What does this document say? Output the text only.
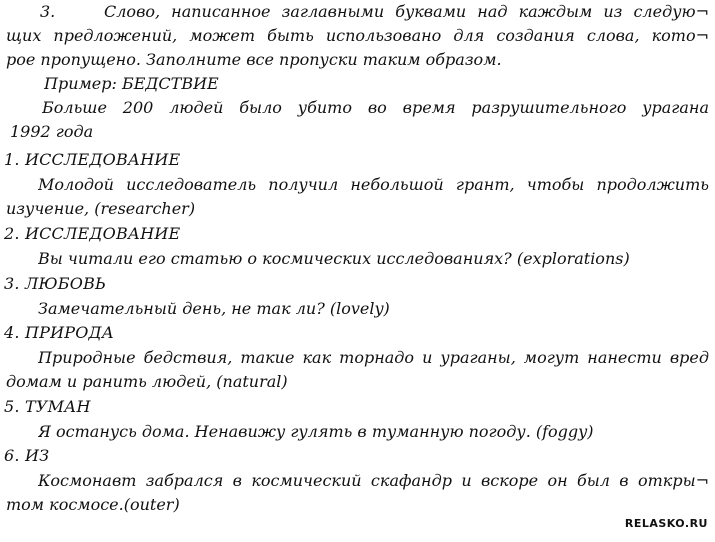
3.	Слово, написанное заглавными буквами над каждым из следую¬
щих предложений, может быть использовано для создания слова, кото¬
рое пропущено. Заполните все пропуски таким образом.
Пример: БЕДСТВИЕ
Больше 200 людей было убито во время разрушительного урагана
1992 года
1. ИССЛЕДОВАНИЕ
Молодой исследователь получил небольшой грант, чтобы продолжить
изучение, (researcher)
2. ИССЛЕДОВАНИЕ
Вы читали его статью о космических исследованиях? (explorations)
3. ЛЮБОВЬ
Замечательный день, не так ли? (lovely)
4. ПРИРОДА
Природные бедствия, такие как торнадо и ураганы, могут нанести вред
домам и ранить людей, (natural)
5. ТУМАН
Я останусь дома. Ненавижу гулять в туманную погоду. (foggy)
6. ИЗ
Космонавт забрался в космический скафандр и вскоре он был в откры¬
том космосе.(outer)
RELASKO.RU
